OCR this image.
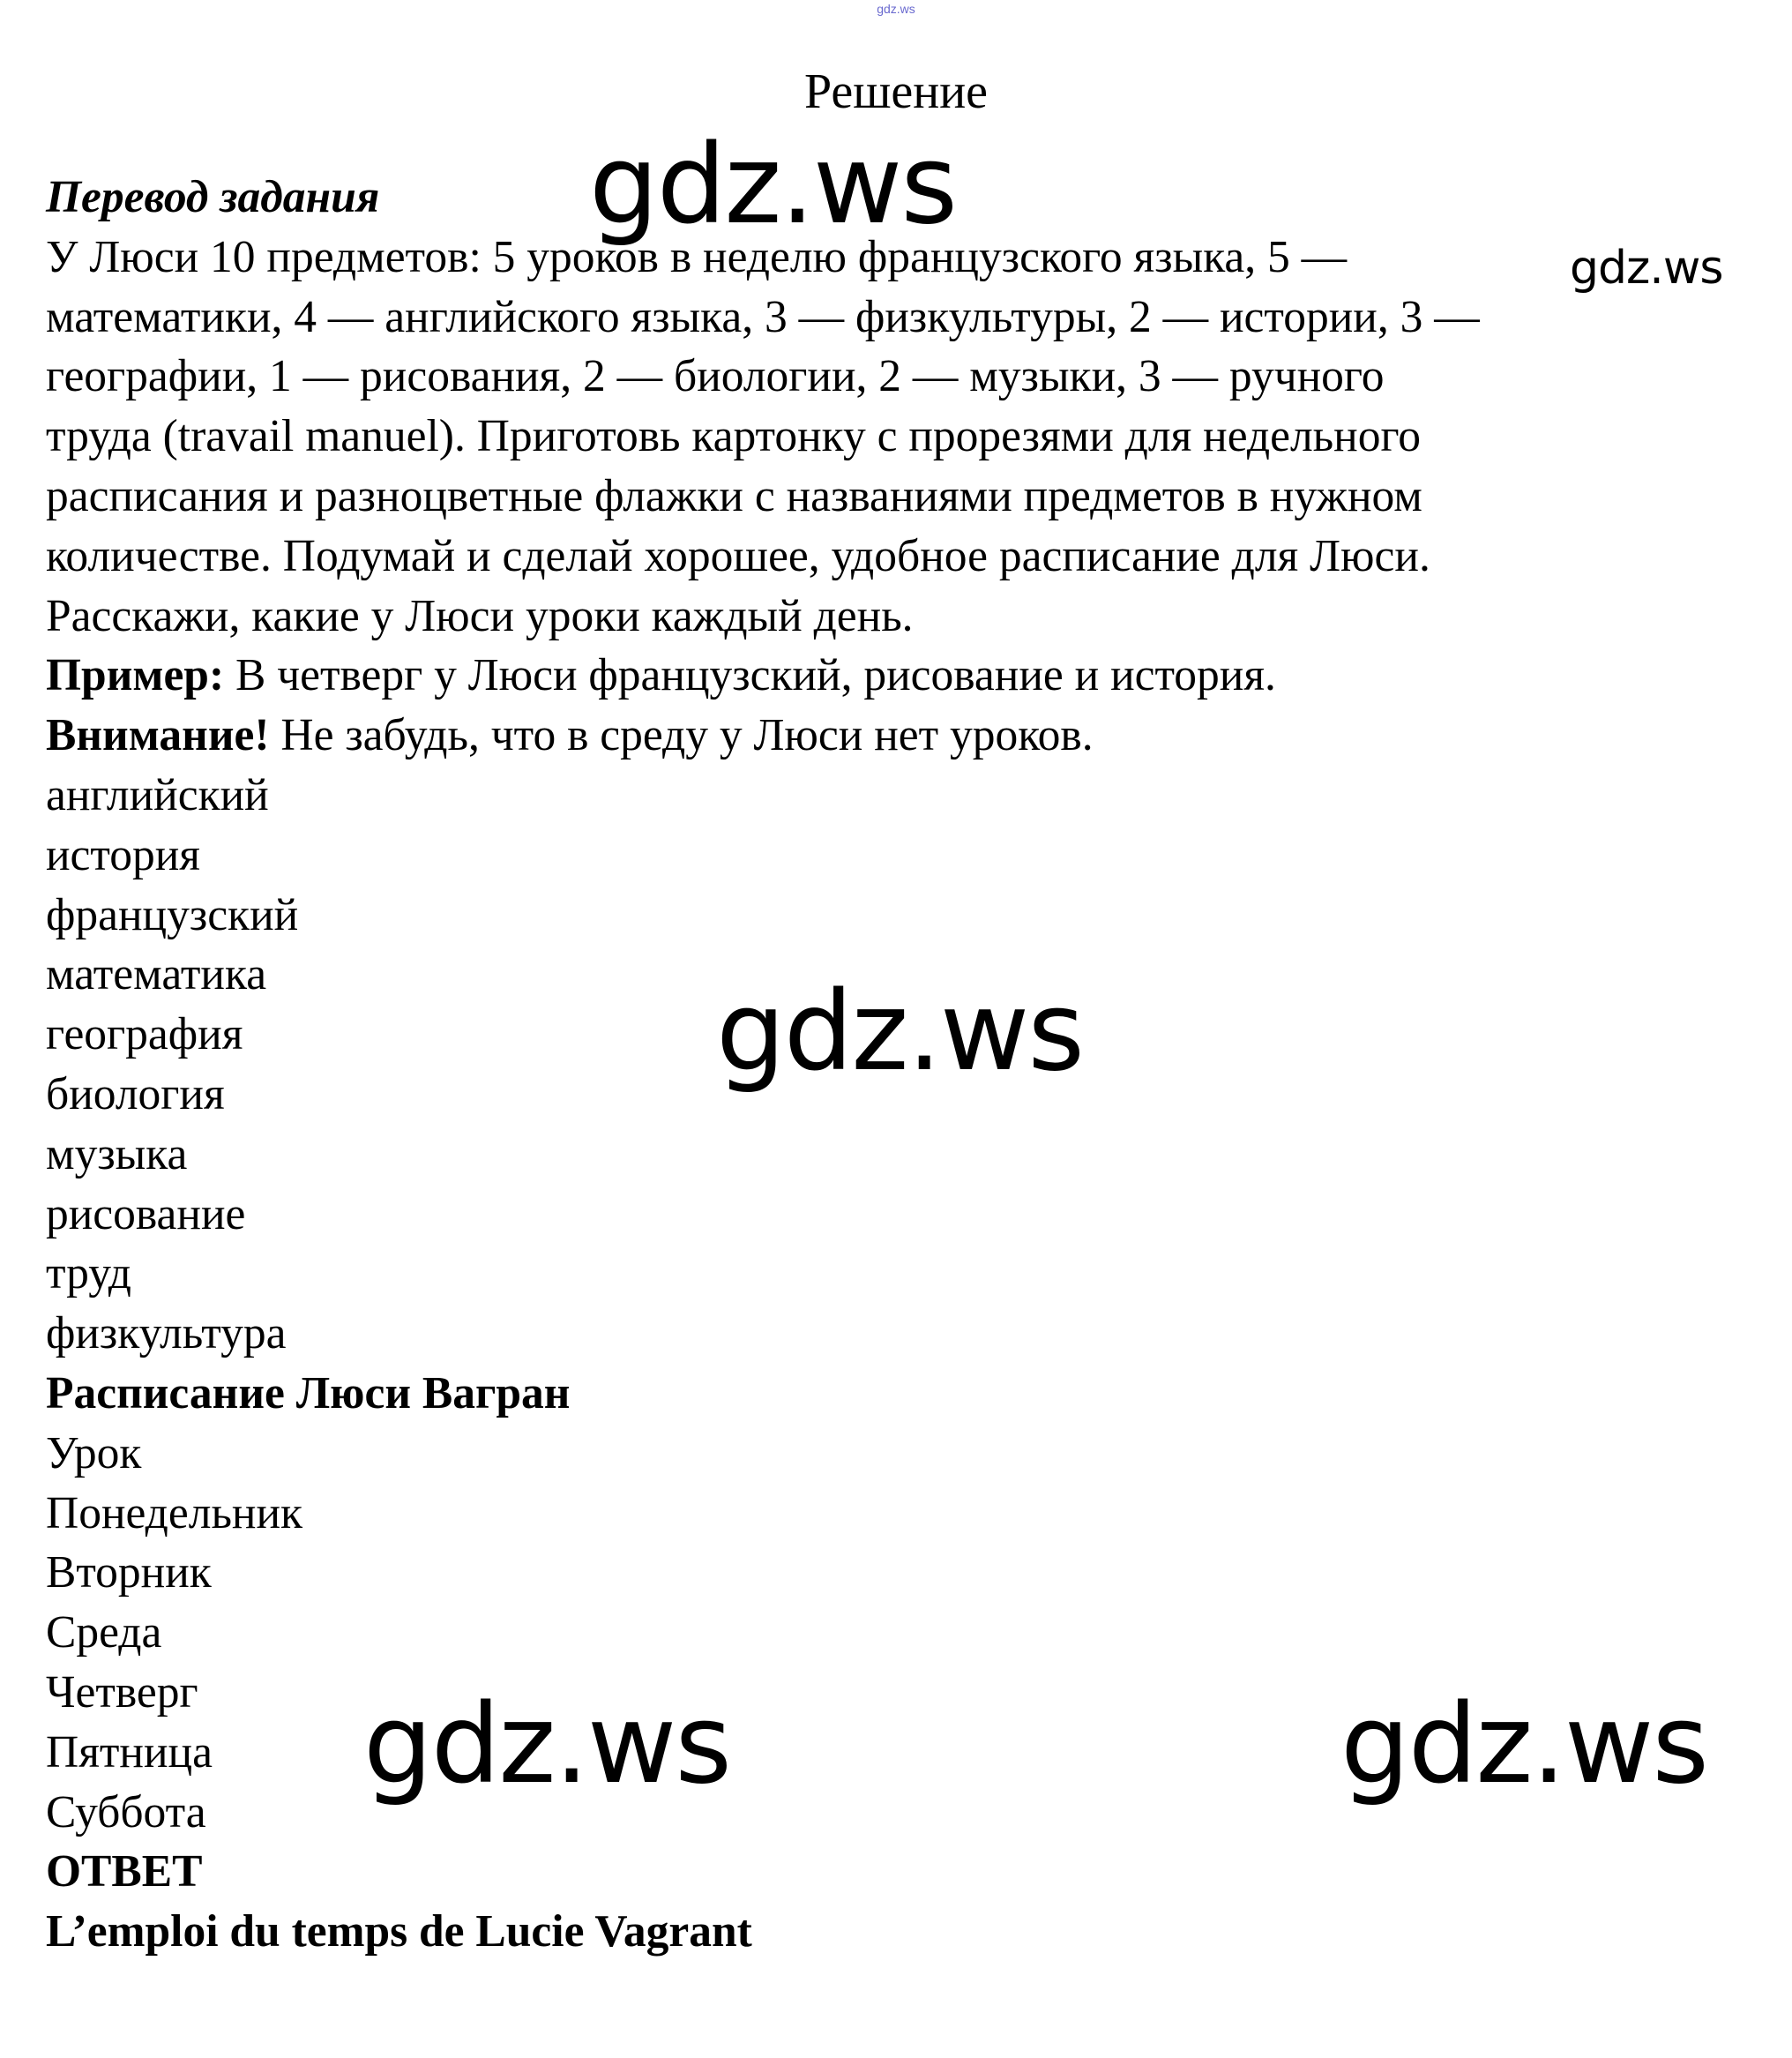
gdz.ws
Решение
Перевод задания
У Люси 10 предметов: 5 уроков в неделю французского языка, 5 —
математики, 4 — английского языка, 3 — физкультуры, 2 — истории, 3 —
географии, 1 — рисования, 2 — биологии, 2 — музыки, 3 — ручного
труда (travail manuel). Приготовь картонку с прорезями для недельного
расписания и разноцветные флажки с названиями предметов в нужном
количестве. Подумай и сделай хорошее, удобное расписание для Люси.
Расскажи, какие у Люси уроки каждый день.
Пример: В четверг у Люси французский, рисование и история.
Внимание! Не забудь, что в среду у Люси нет уроков.
английский
история
французский
математика
география
биология
музыка
рисование
труд
физкультура
Расписание Люси Вагран
Урок
Понедельник
Вторник
Среда
Четверг
Пятница
Суббота
ОТВЕТ
L’emploi du temps de Lucie Vagrant
gdz.ws
gdz.ws
gdz.ws
gdz.ws	gdz.ws
